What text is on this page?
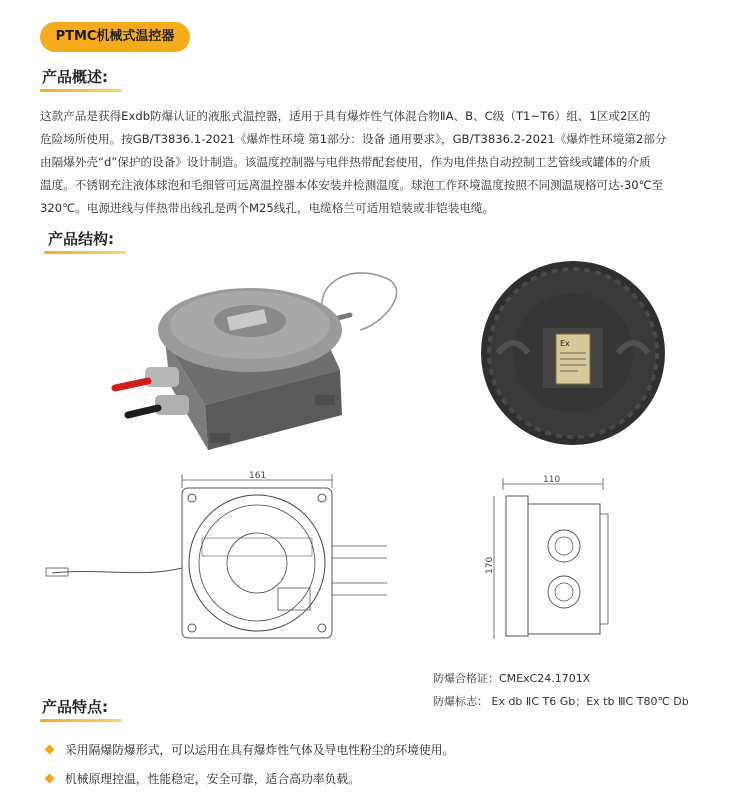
PTMC机械式温控器
产品概述:
这款产品是获得Exdb防爆认证的液胀式温控器，适用于具有爆炸性气体混合物ⅡA、B、C级（T1~T6）组、1区或2区的
危险场所使用。按GB/T3836.1-2021《爆炸性环境 第1部分：设备 通用要求》，GB/T3836.2-2021《爆炸性环境第2部分
由隔爆外壳“d”保护的设备》设计制造。该温度控制器与电伴热带配套使用，作为电伴热自动控制工艺管线或罐体的介质
温度。不锈钢充注液体球泡和毛细管可远离温控器本体安装并检测温度。球泡工作环境温度按照不同测温规格可达-30℃至
320℃。电源进线与伴热带出线孔是两个M25线孔，电缆格兰可适用铠装或非铠装电缆。
产品结构:
Ex
161	110
170
防爆合格证：CMExC24.1701X
防爆标志： Ex db ⅡC T6 Gb；Ex tb ⅢC T80℃ Db
产品特点:
采用隔爆防爆形式，可以运用在具有爆炸性气体及导电性粉尘的环境使用。
机械原理控温，性能稳定，安全可靠，适合高功率负载。
